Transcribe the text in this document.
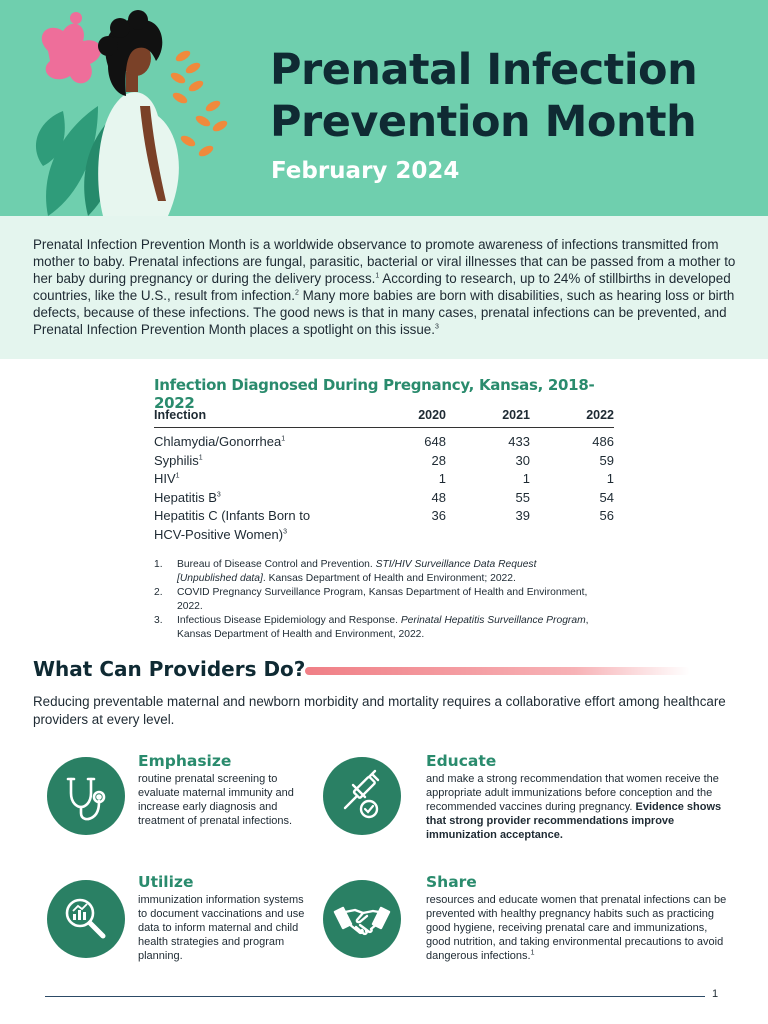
Prenatal Infection Prevention Month
February 2024

Prenatal Infection Prevention Month is a worldwide observance to promote awareness of infections transmitted from mother to baby. Prenatal infections are fungal, parasitic, bacterial or viral illnesses that can be passed from a mother to her baby during pregnancy or during the delivery process.$^1$ According to research, up to 24% of stillbirths in developed countries, like the U.S., result from infection.$^2$ Many more babies are born with disabilities, such as hearing loss or birth defects, because of these infections. The good news is that in many cases, prenatal infections can be prevented, and Prenatal Infection Prevention Month places a spotlight on this issue.$^3$

Infection Diagnosed During Pregnancy, Kansas, 2018-2022
Infection	2020	2021	2022
Chlamydia/Gonorrhea$^1$	648	433	486
Syphilis$^1$	28	30	59
HIV$^1$	1	1	1
Hepatitis $B^3$	48	55	54
Hepatitis C (Infants Born to HCV-Positive Women)$^3$	36	39	56
1.	Bureau of Disease Control and Prevention. STI/HIV Surveillance Data Request [Unpublished data]. Kansas Department of Health and Environment; 2022.
2.	COVID Pregnancy Surveillance Program, Kansas Department of Health and Environment, 2022.
3.	Infectious Disease Epidemiology and Response. Perinatal Hepatitis Surveillance Program, Kansas Department of Health and Environment, 2022.
What Can Providers Do?
Reducing preventable maternal and newborn morbidity and mortality requires a collaborative effort among healthcare providers at every level.
Emphasize
routine prenatal screening to evaluate maternal immunity and increase early diagnosis and treatment of prenatal infections.
Educate
and make a strong recommendation that women receive the appropriate adult immunizations before conception and the recommended vaccines during pregnancy. Evidence shows that strong provider recommendations improve immunization acceptance.
Utilize
immunization information systems to document vaccinations and use data to inform maternal and child health strategies and program planning.
Share
resources and educate women that prenatal infections can be prevented with healthy pregnancy habits such as practicing good hygiene, receiving prenatal care and immunizations, good nutrition, and taking environmental precautions to avoid dangerous infections.$^1$
1
